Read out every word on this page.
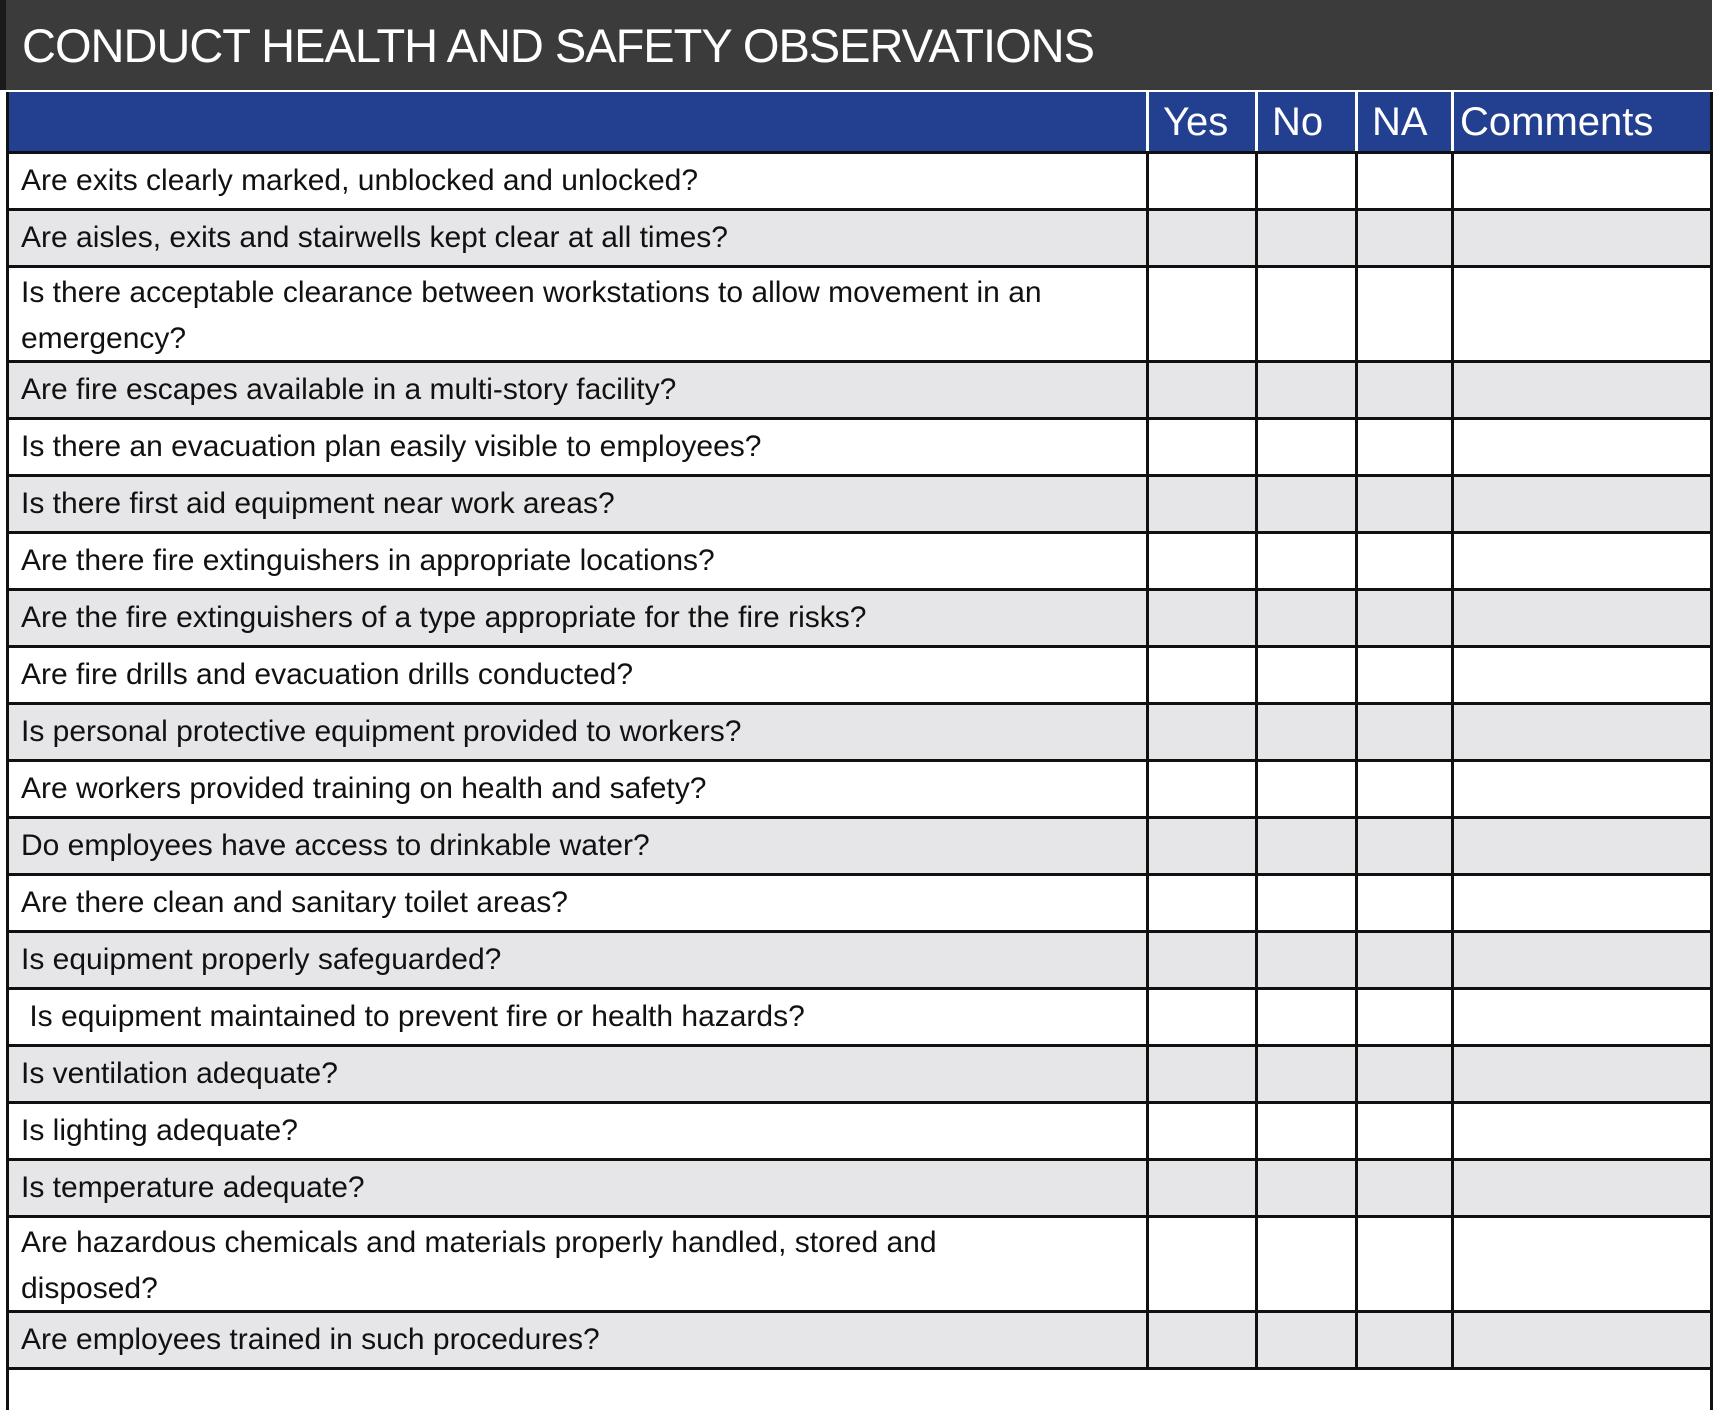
CONDUCT HEALTH AND SAFETY OBSERVATIONS
Yes	No	NA Comments
Are exits clearly marked, unblocked and unlocked?
Are aisles, exits and stairwells kept clear at all times?
Is there acceptable clearance between workstations to allow movement in an emergency?
Are fire escapes available in a multi-story facility?
Is there an evacuation plan easily visible to employees?
Is there first aid equipment near work areas?
Are there fire extinguishers in appropriate locations?
Are the fire extinguishers of a type appropriate for the fire risks?
Are fire drills and evacuation drills conducted?
Is personal protective equipment provided to workers?
Are workers provided training on health and safety?
Do employees have access to drinkable water?
Are there clean and sanitary toilet areas?
Is equipment properly safeguarded?
Is equipment maintained to prevent fire or health hazards?
Is ventilation adequate?
Is lighting adequate?
Is temperature adequate?
Are hazardous chemicals and materials properly handled, stored and disposed?
Are employees trained in such procedures?
